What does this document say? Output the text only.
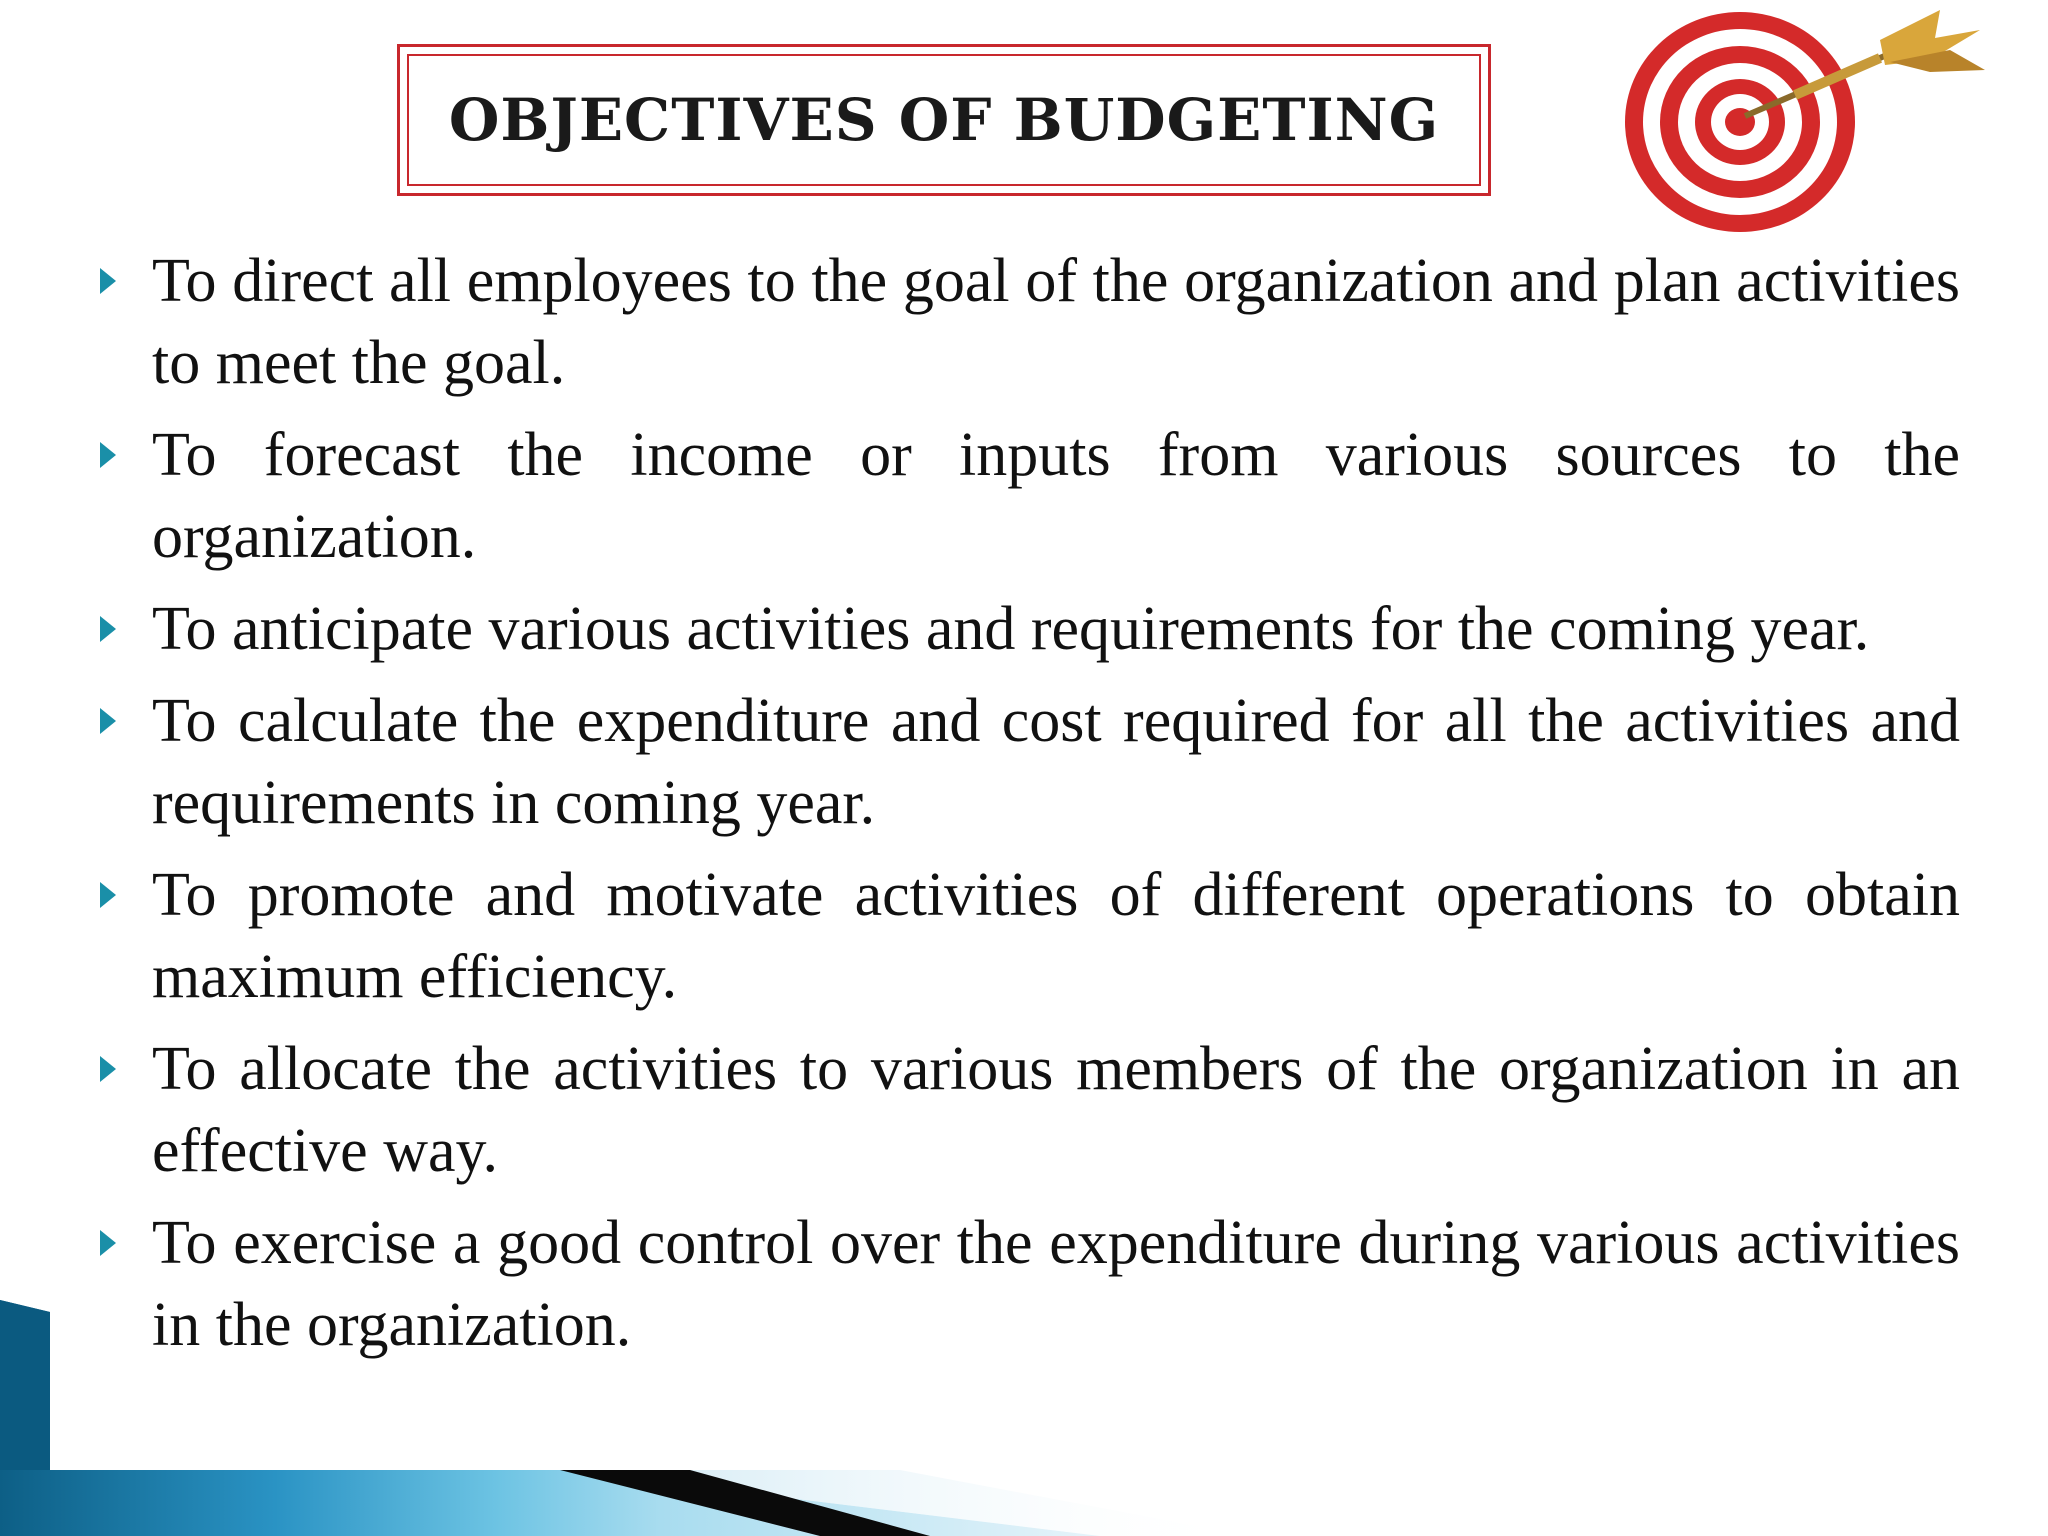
OBJECTIVES OF BUDGETING
To direct all employees to the goal of the organization and plan activities to meet the goal.
To forecast the income or inputs from various sources to the organization.
To anticipate various activities and requirements for the coming year.
To calculate the expenditure and cost required for all the activities and requirements in coming year.
To promote and motivate activities of different operations to obtain maximum efficiency.
To allocate the activities to various members of the organization in an effective way.
To exercise a good control over the expenditure during various activities in the organization.
